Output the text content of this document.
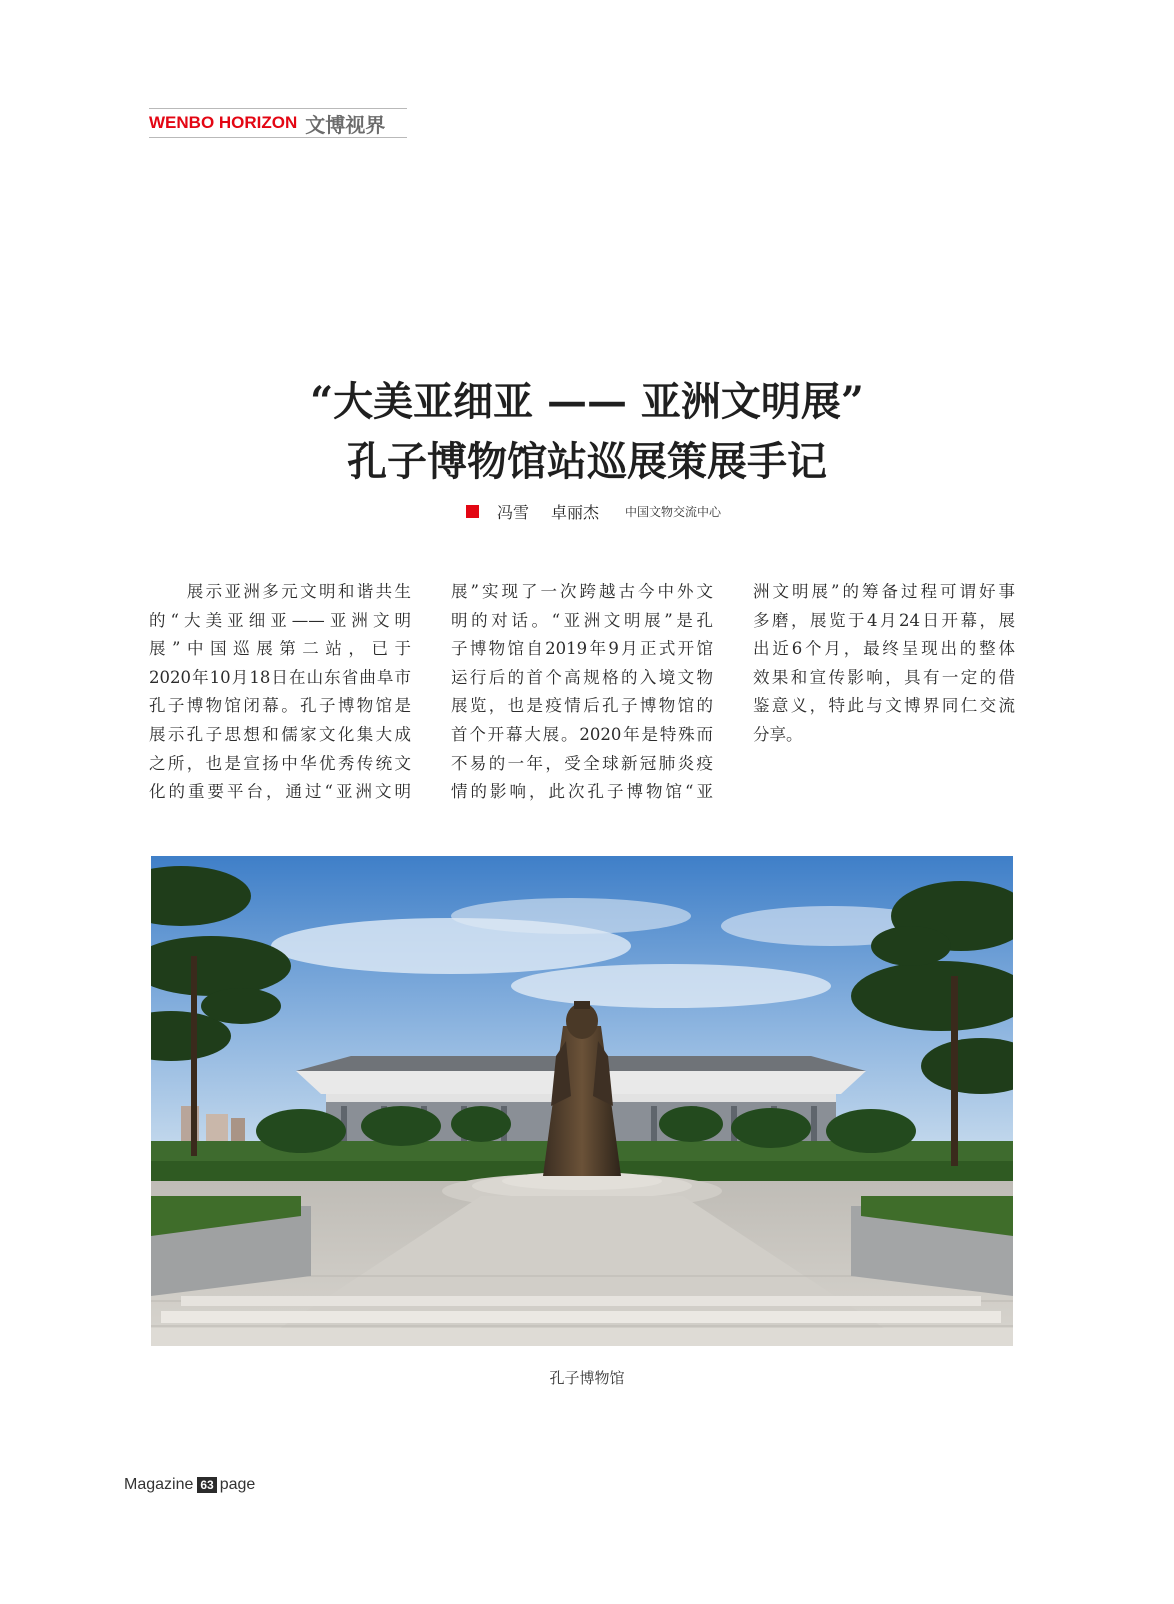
WENBO HORIZON 文博视界
“大美亚细亚 —— 亚洲文明展”
孔子博物馆站巡展策展手记
冯雪 卓丽杰 中国文物交流中心
　　展示亚洲多元文明和谐共生
的“大美亚细亚——亚洲文明
展”中国巡展第二站，已于
2020年10月18日在山东省曲阜市
孔子博物馆闭幕。孔子博物馆是
展示孔子思想和儒家文化集大成
之所，也是宣扬中华优秀传统文
化的重要平台，通过“亚洲文明
展”实现了一次跨越古今中外文
明的对话。“亚洲文明展”是孔
子博物馆自2019年9月正式开馆
运行后的首个高规格的入境文物
展览，也是疫情后孔子博物馆的
首个开幕大展。2020年是特殊而
不易的一年，受全球新冠肺炎疫
情的影响，此次孔子博物馆“亚
洲文明展”的筹备过程可谓好事
多磨，展览于4月24日开幕，展
出近6个月，最终呈现出的整体
效果和宣传影响，具有一定的借
鉴意义，特此与文博界同仁交流
分享。
孔子博物馆
Magazine 63 page
